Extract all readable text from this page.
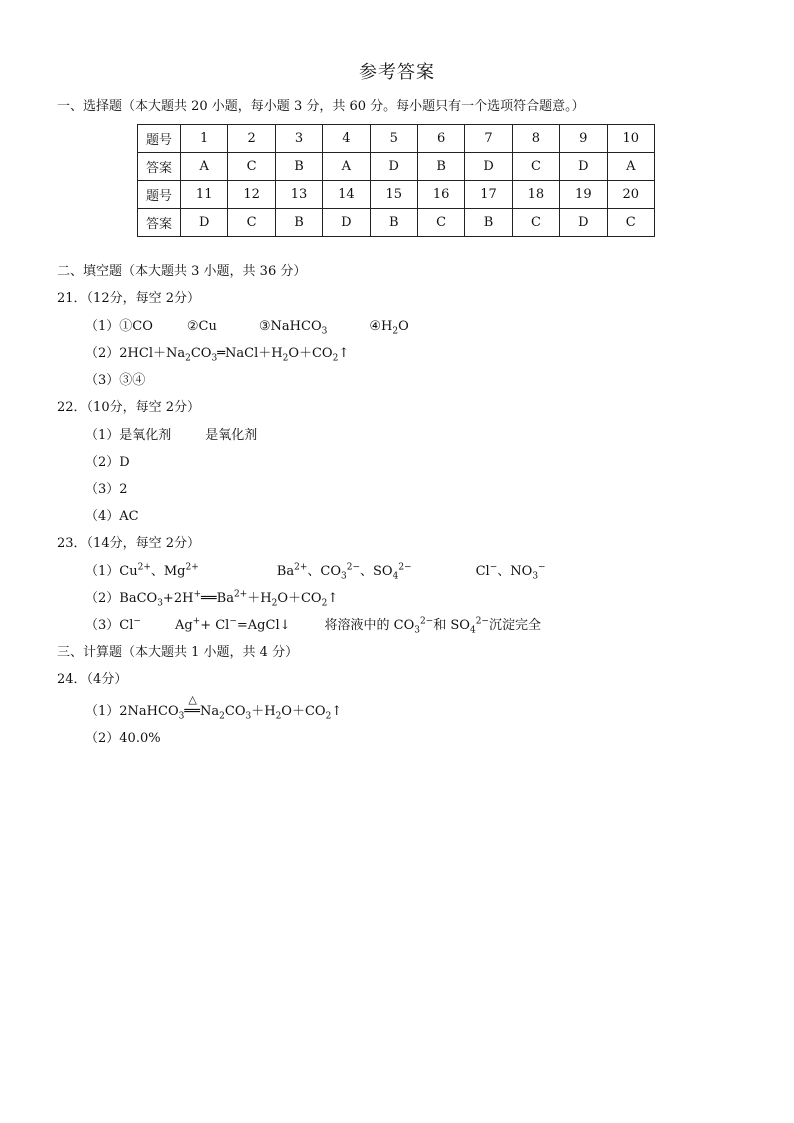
参考答案
一、选择题（本大题共 20 小题，每小题 3 分，共 60 分。每小题只有一个选项符合题意。）
题号	1	2	3	4	5	6	7	8	9	10
答案	A	C	B	A	D	B	D	C	D	A
题号	11	12	13	14	15	16	17	18	19	20
答案	D	C	B	D	B	C	B	C	D	C
二、填空题（本大题共 3 小题，共 36 分）
21．（12分，每空 2分）
（1）①CO	②Cu	③NaHCO$_3$	$④H_2O$
$(2)2HCl+Na_2CO_3═NaCl+H_2O+CO_2↑$
（3）③④
22．（10分，每空 2分）
（1）是氧化剂	是氧化剂
（2）D
（3）2
（4）AC
23．（14分，每空 2分）
$(1)Cu^{2+}$、$Mg^{2+}$	$Ba^{2+}$、$CO_3^{2-}$、$SO_4^{2-}$	Cl−、$NO_3^-$
$(2)BaCO_3+2H^+══Ba^{2+}+H_2O+CO_2↑$
（3）Cl−	Ag++ Cl−=AgCl↓	将溶液中的 $CO_3^{2-}$和 $SO_4^{2-}$沉淀完全
三、计算题（本大题共 1 小题，共 4 分）
24．（4分）
（1）2NaHCO$_3$
△
$══Na_2CO_3+H_2O+CO_2↑$
（2）40.0%
